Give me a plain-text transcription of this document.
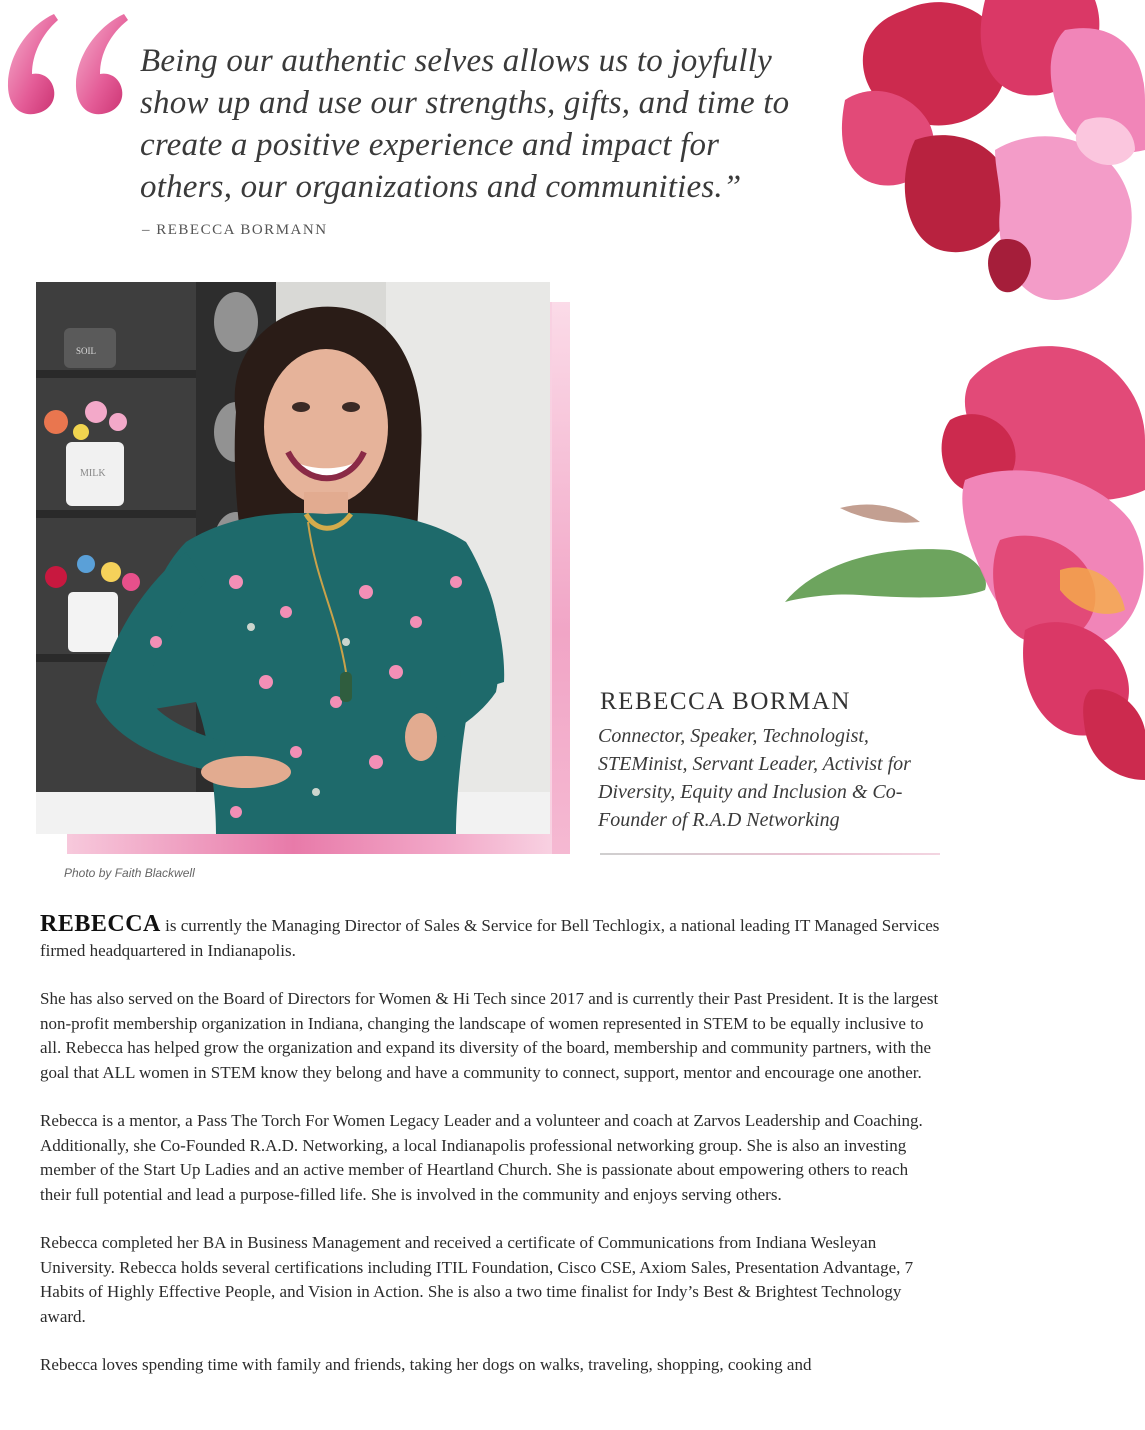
Being our authentic selves allows us to joyfully show up and use our strengths, gifts, and time to create a positive experience and impact for others, our organizations and communities.”

– REBECCA BORMANN
SOIL
MILK
Photo by Faith Blackwell
REBECCA BORMAN

Connector, Speaker, Technologist, STEMinist, Servant Leader, Activist for Diversity, Equity and Inclusion & Co-Founder of R.A.D Networking

REBECCA is currently the Managing Director of Sales & Service for Bell Techlogix, a national leading IT Managed Services firmed headquartered in Indianapolis.

She has also served on the Board of Directors for Women & Hi Tech since 2017 and is currently their Past President. It is the largest non-profit membership organization in Indiana, changing the landscape of women represented in STEM to be equally inclusive to all. Rebecca has helped grow the organization and expand its diversity of the board, membership and community partners, with the goal that ALL women in STEM know they belong and have a community to connect, support, mentor and encourage one another.

Rebecca is a mentor, a Pass The Torch For Women Legacy Leader and a volunteer and coach at Zarvos Leadership and Coaching. Additionally, she Co-Founded R.A.D. Networking, a local Indianapolis professional networking group. She is also an investing member of the Start Up Ladies and an active member of Heartland Church. She is passionate about empowering others to reach their full potential and lead a purpose-filled life. She is involved in the community and enjoys serving others.

Rebecca completed her BA in Business Management and received a certificate of Communications from Indiana Wesleyan University. Rebecca holds several certifications including ITIL Foundation, Cisco CSE, Axiom Sales, Presentation Advantage, 7 Habits of Highly Effective People, and Vision in Action. She is also a two time finalist for Indy’s Best & Brightest Technology award.

Rebecca loves spending time with family and friends, taking her dogs on walks, traveling, shopping, cooking and
